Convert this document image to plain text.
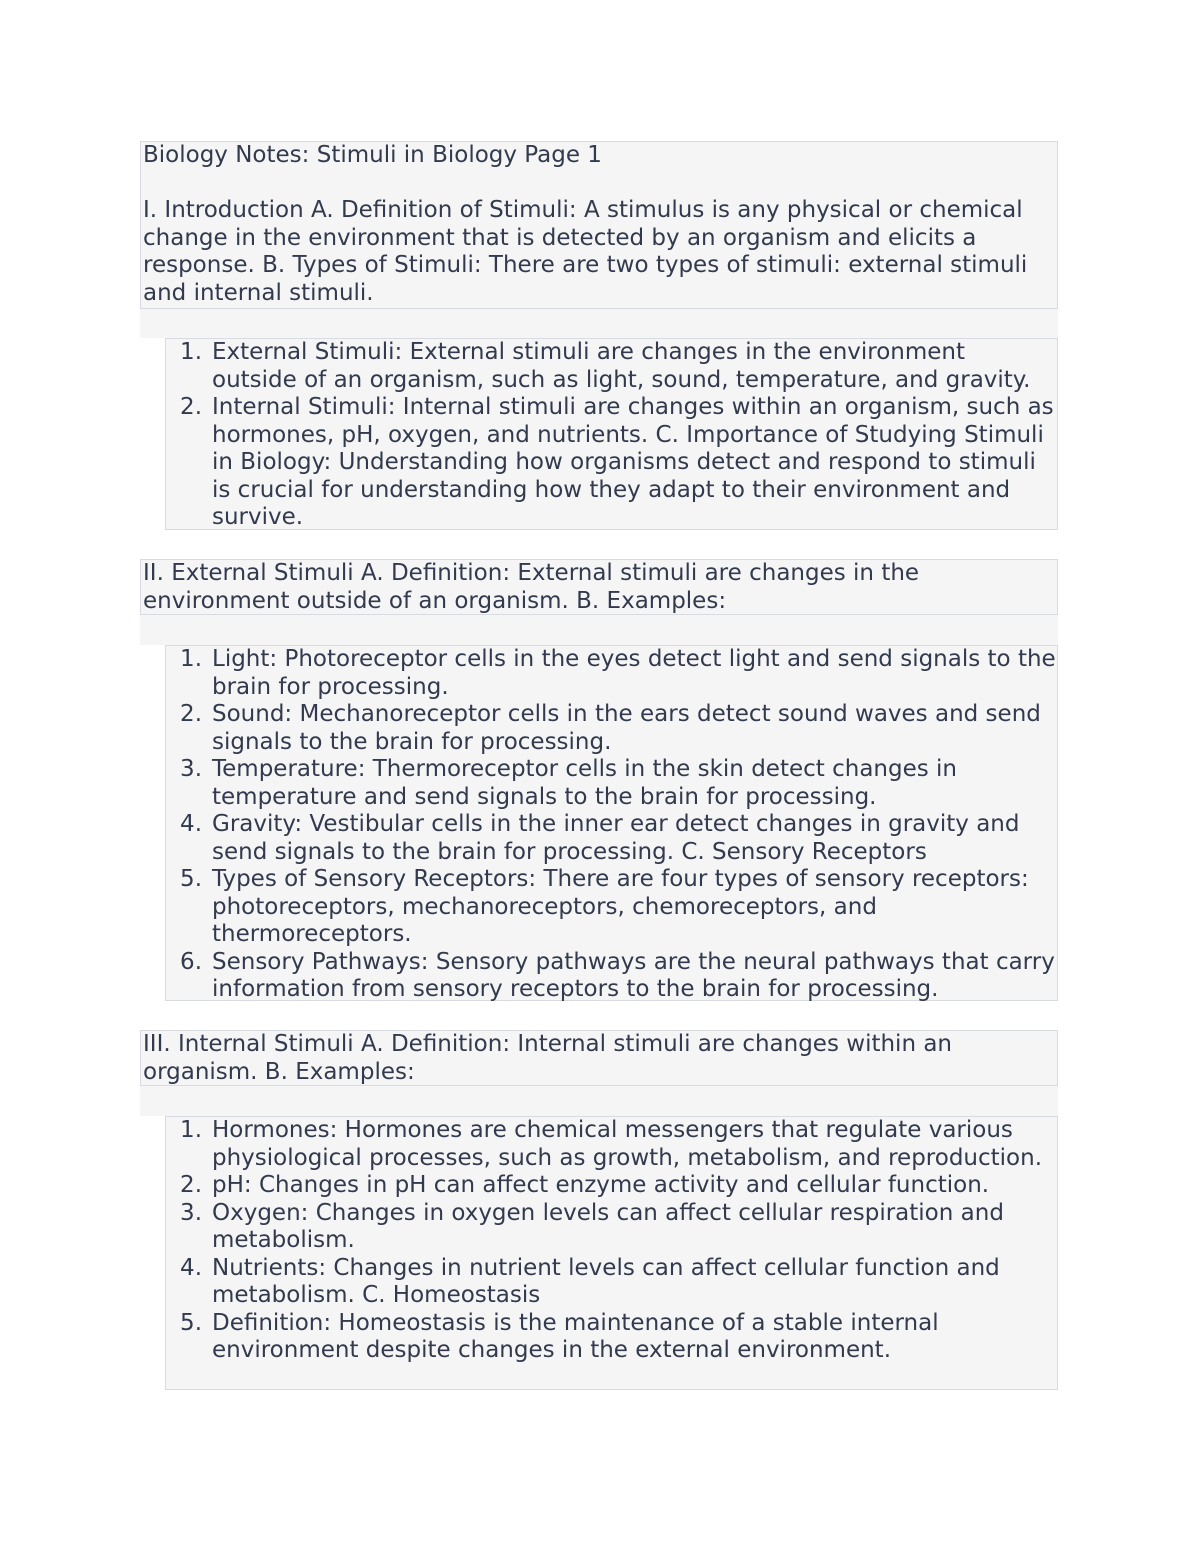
Biology Notes: Stimuli in Biology Page 1

I. Introduction A. Definition of Stimuli: A stimulus is any physical or chemical change in the environment that is detected by an organism and elicits a response. B. Types of Stimuli: There are two types of stimuli: external stimuli and internal stimuli.

External Stimuli: External stimuli are changes in the environment outside of an organism, such as light, sound, temperature, and gravity.
Internal Stimuli: Internal stimuli are changes within an organism, such as hormones, pH, oxygen, and nutrients. C. Importance of Studying Stimuli in Biology: Understanding how organisms detect and respond to stimuli is crucial for understanding how they adapt to their environment and survive.

II. External Stimuli A. Definition: External stimuli are changes in the environment outside of an organism. B. Examples:

Light: Photoreceptor cells in the eyes detect light and send signals to the brain for processing.
Sound: Mechanoreceptor cells in the ears detect sound waves and send signals to the brain for processing.
Temperature: Thermoreceptor cells in the skin detect changes in temperature and send signals to the brain for processing.
Gravity: Vestibular cells in the inner ear detect changes in gravity and send signals to the brain for processing. C. Sensory Receptors
Types of Sensory Receptors: There are four types of sensory receptors: photoreceptors, mechanoreceptors, chemoreceptors, and thermoreceptors.
Sensory Pathways: Sensory pathways are the neural pathways that carry information from sensory receptors to the brain for processing.

III. Internal Stimuli A. Definition: Internal stimuli are changes within an organism. B. Examples:

Hormones: Hormones are chemical messengers that regulate various physiological processes, such as growth, metabolism, and reproduction.
pH: Changes in pH can affect enzyme activity and cellular function.
Oxygen: Changes in oxygen levels can affect cellular respiration and metabolism.
Nutrients: Changes in nutrient levels can affect cellular function and metabolism. C. Homeostasis
Definition: Homeostasis is the maintenance of a stable internal environment despite changes in the external environment.
